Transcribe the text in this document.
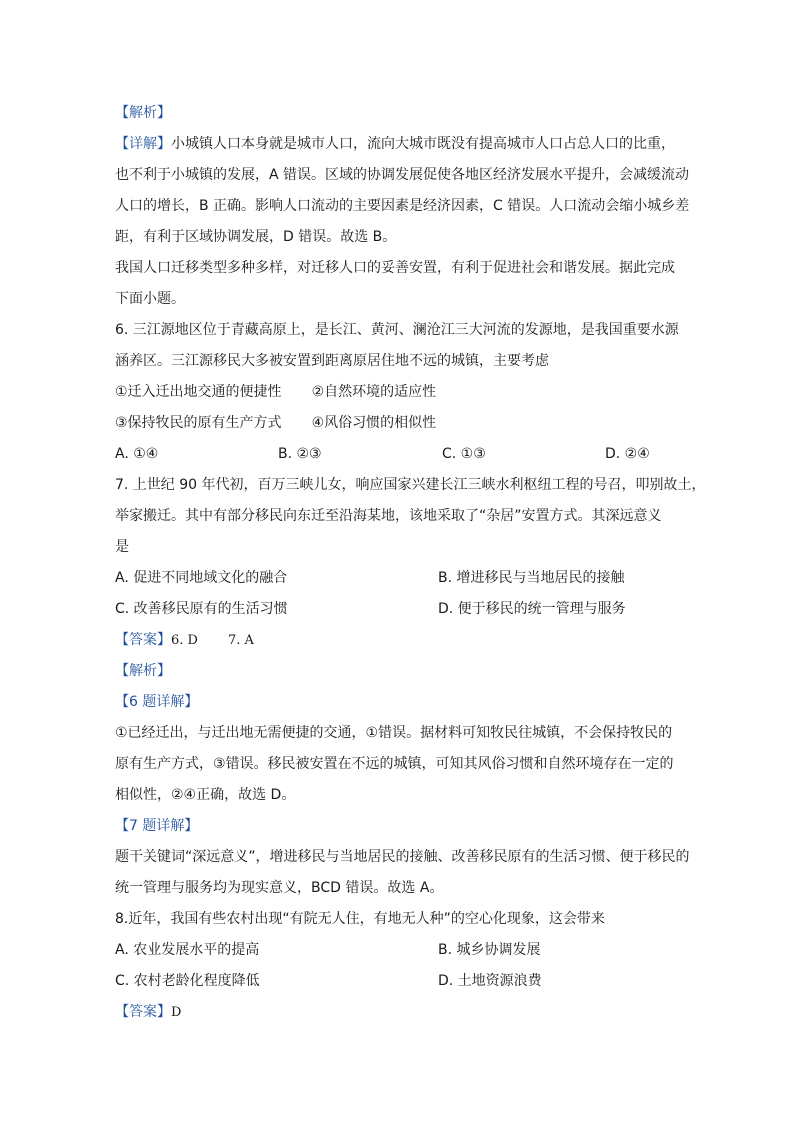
【解析】
【详解】小城镇人口本身就是城市人口，流向大城市既没有提高城市人口占总人口的比重，
也不利于小城镇的发展，A 错误。区域的协调发展促使各地区经济发展水平提升，会减缓流动
人口的增长，B 正确。影响人口流动的主要因素是经济因素，C 错误。人口流动会缩小城乡差
距，有利于区域协调发展，D 错误。故选 B。
我国人口迁移类型多种多样，对迁移人口的妥善安置，有利于促进社会和谐发展。据此完成
下面小题。
6. 三江源地区位于青藏高原上，是长江、黄河、澜沧江三大河流的发源地，是我国重要水源
涵养区。三江源移民大多被安置到距离原居住地不远的城镇，主要考虑
①迁入迁出地交通的便捷性 ②自然环境的适应性
③保持牧民的原有生产方式 ④风俗习惯的相似性
A. ①④	B. ②③	C. ①③	D. ②④
7. 上世纪 90 年代初，百万三峡儿女，响应国家兴建长江三峡水利枢纽工程的号召，叩别故土，
举家搬迁。其中有部分移民向东迁至沿海某地，该地采取了“杂居”安置方式。其深远意义
是
A. 促进不同地域文化的融合	B. 增进移民与当地居民的接触
C. 改善移民原有的生活习惯	D. 便于移民的统一管理与服务
【答案】6. D 7. A
【解析】
【6 题详解】
①已经迁出，与迁出地无需便捷的交通，①错误。据材料可知牧民往城镇，不会保持牧民的
原有生产方式，③错误。移民被安置在不远的城镇，可知其风俗习惯和自然环境存在一定的
相似性，②④正确，故选 D。
【7 题详解】
题干关键词“深远意义”，增进移民与当地居民的接触、改善移民原有的生活习惯、便于移民的
统一管理与服务均为现实意义，BCD 错误。故选 A。
8.近年，我国有些农村出现“有院无人住，有地无人种”的空心化现象，这会带来
A. 农业发展水平的提高	B. 城乡协调发展
C. 农村老龄化程度降低	D. 土地资源浪费
【答案】D
